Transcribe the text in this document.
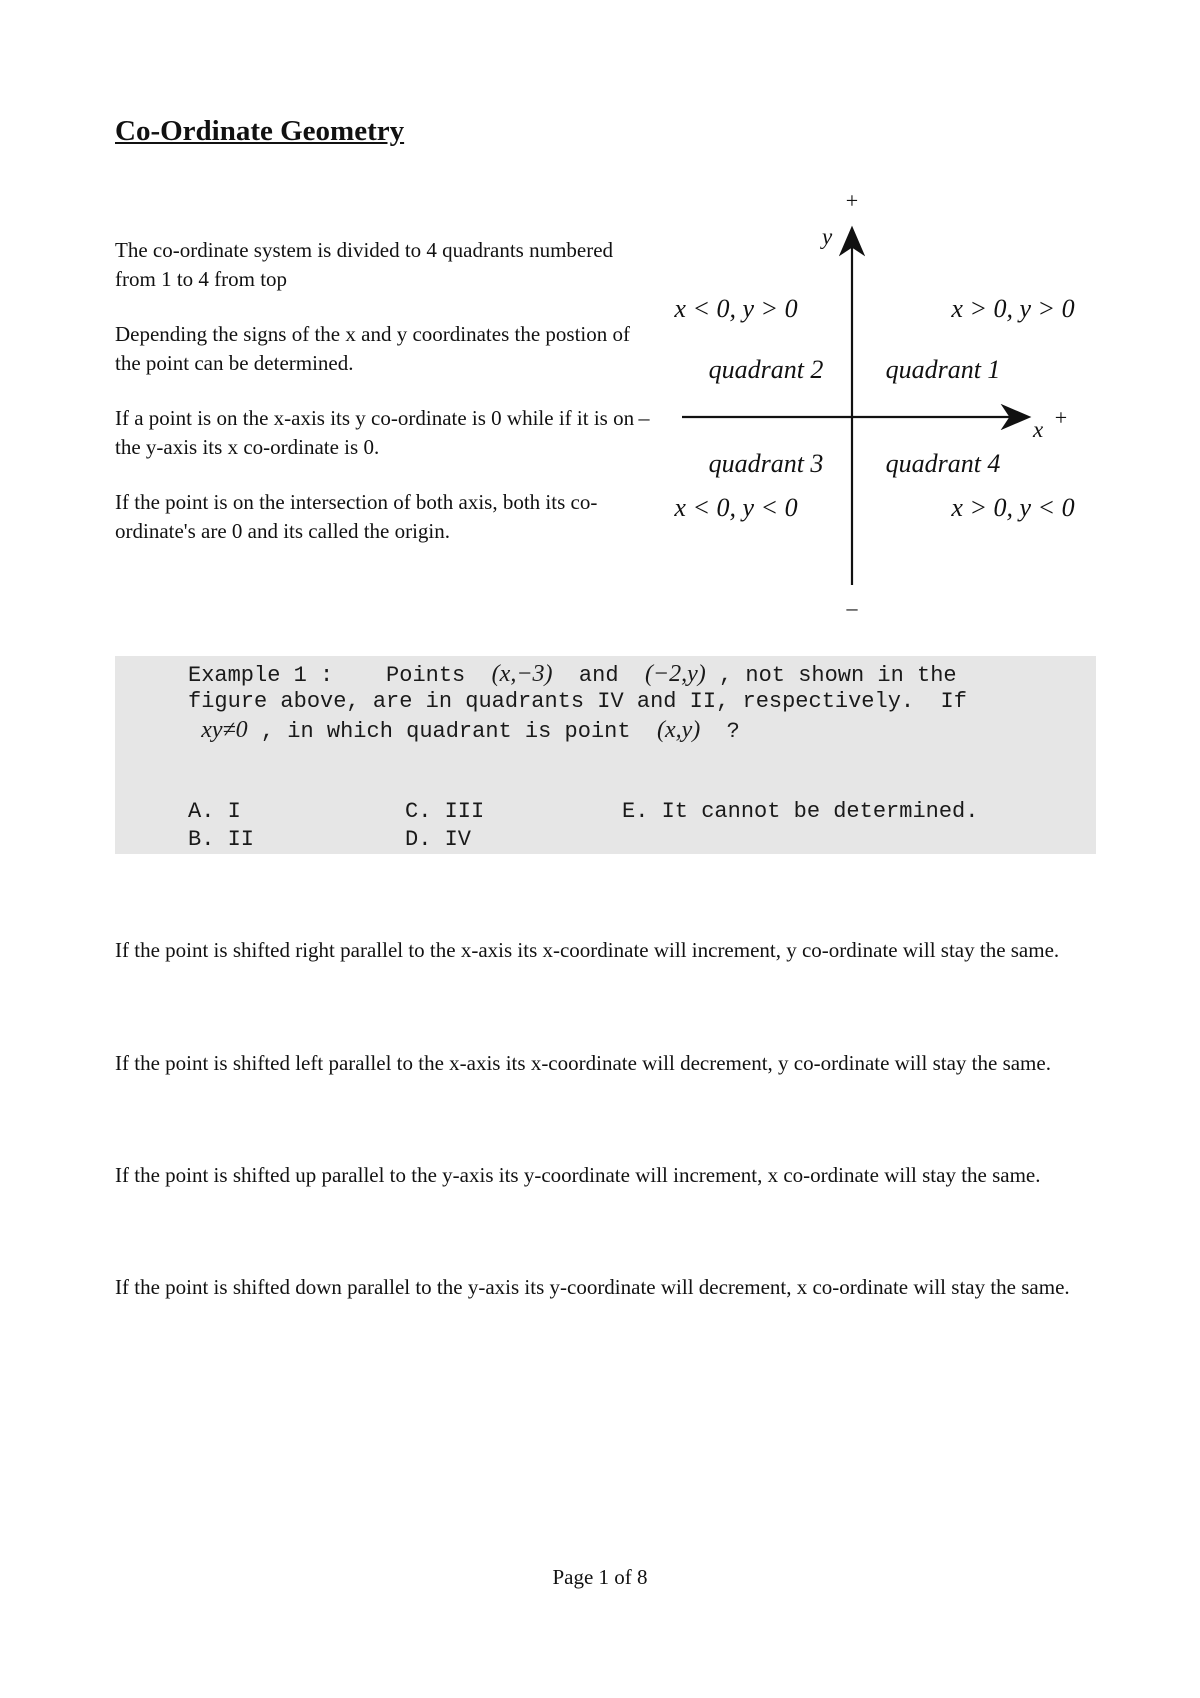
Co-Ordinate Geometry

The co-ordinate system is divided to 4 quadrants numbered from 1 to 4 from top

Depending the signs of the x and y coordinates the postion of the point can be determined.

If a point is on the x-axis its y co-ordinate is 0 while if it is on the y-axis its x co-ordinate is 0.

If the point is on the intersection of both axis, both its co-ordinate's are 0 and its called the origin.

+
–
–	+
y
x
x < 0, y > 0	x > 0, y > 0
quadrant 2 quadrant 1
quadrant 3 quadrant 4
x < 0, y < 0	x > 0, y < 0
Example 1 : Points (x,−3) and (−2,y) , not shown in the
figure above, are in quadrants IV and II, respectively.  If
xy≠0 , in which quadrant is point (x,y) ?
A. I
B. II
C. III
D. IV
E. It cannot be determined.

If the point is shifted right parallel to the x-axis its x-coordinate will increment, y co-ordinate will stay the same.

If the point is shifted left parallel to the x-axis its x-coordinate will decrement, y co-ordinate will stay the same.

If the point is shifted up parallel to the y-axis its y-coordinate will increment, x co-ordinate will stay the same.

If the point is shifted down parallel to the y-axis its y-coordinate will decrement, x co-ordinate will stay the same.

Page 1 of 8
